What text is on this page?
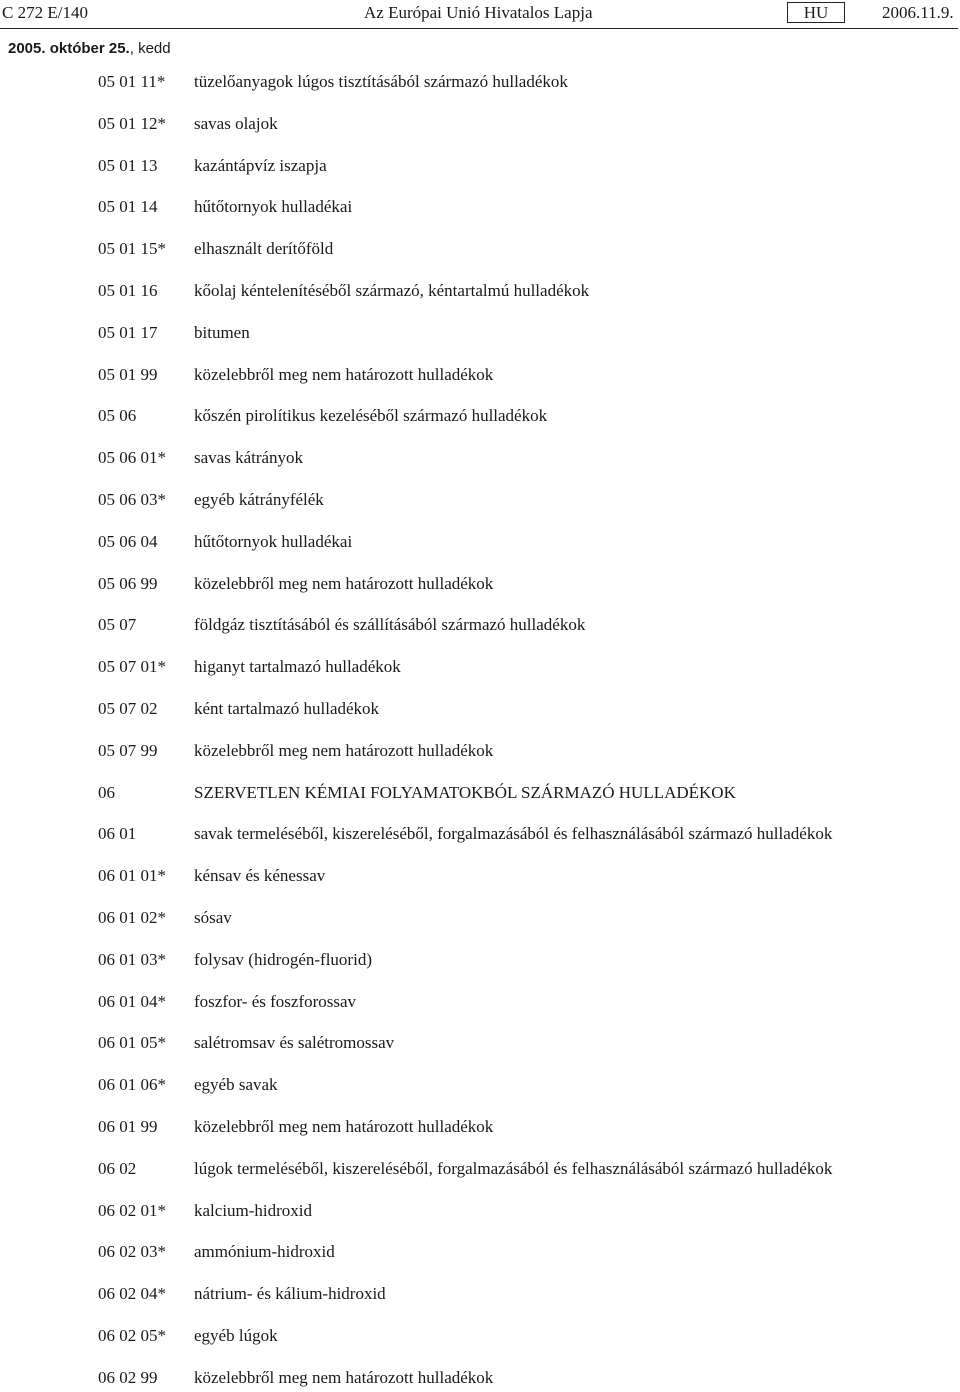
C 272 E/140	Az Európai Unió Hivatalos Lapja	HU	2006.11.9.
2005. október 25., kedd
05 01 11* tüzelőanyagok lúgos tisztításából származó hulladékok
05 01 12* savas olajok
05 01 13 kazántápvíz iszapja
05 01 14 hűtőtornyok hulladékai
05 01 15* elhasznált derítőföld
05 01 16 kőolaj kéntelenítéséből származó, kéntartalmú hulladékok
05 01 17 bitumen
05 01 99 közelebbről meg nem határozott hulladékok
05 06	kőszén pirolítikus kezeléséből származó hulladékok
05 06 01* savas kátrányok
05 06 03* egyéb kátrányfélék
05 06 04 hűtőtornyok hulladékai
05 06 99 közelebbről meg nem határozott hulladékok
05 07	földgáz tisztításából és szállításából származó hulladékok
05 07 01* higanyt tartalmazó hulladékok
05 07 02 ként tartalmazó hulladékok
05 07 99 közelebbről meg nem határozott hulladékok
06	SZERVETLEN KÉMIAI FOLYAMATOKBÓL SZÁRMAZÓ HULLADÉKOK
06 01	savak termeléséből, kiszereléséből, forgalmazásából és felhasználásából származó hulladékok
06 01 01* kénsav és kénessav
06 01 02* sósav
06 01 03* folysav (hidrogén-fluorid)
06 01 04* foszfor- és foszforossav
06 01 05* salétromsav és salétromossav
06 01 06* egyéb savak
06 01 99 közelebbről meg nem határozott hulladékok
06 02	lúgok termeléséből, kiszereléséből, forgalmazásából és felhasználásából származó hulladékok
06 02 01* kalcium-hidroxid
06 02 03* ammónium-hidroxid
06 02 04* nátrium- és kálium-hidroxid
06 02 05* egyéb lúgok
06 02 99 közelebbről meg nem határozott hulladékok
